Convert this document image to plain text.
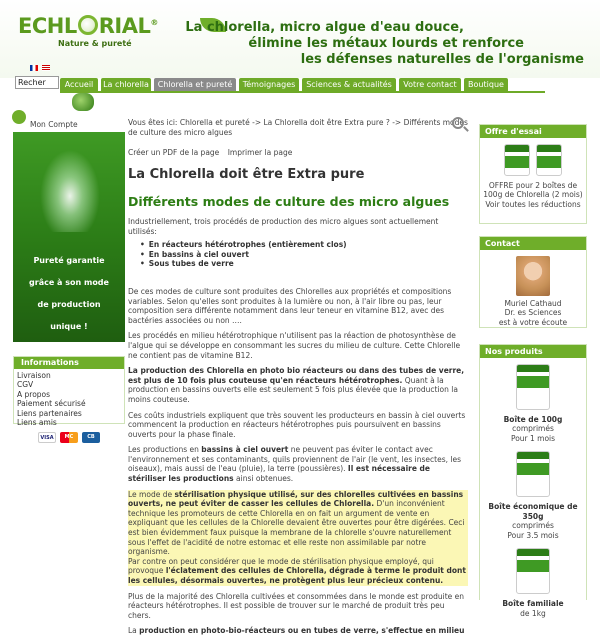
ECHL RIAL®
Nature & pureté
La chlorella, micro algue d'eau douce,
élimine les métaux lourds et renforce
les défenses naturelles de l'organisme

Recher
Accueil	La chlorella	Chlorella et pureté	Témoignages	Sciences & actualités	Votre contact	Boutique
Mon Compte
Pureté garantie
grâce à son mode
de production
unique !
Informations
Livraison
CGV
A propos
Paiement sécurisé
Liens partenaires
Liens amis
VISA	MC	CB
Vous êtes ici: Chlorella et pureté -> La Chlorella doit être Extra pure ? -> Différents modes de culture des micro algues
Créer un PDF de la page Imprimer la page
La Chlorella doit être Extra pure
Différents modes de culture des micro algues
Industriellement, trois procédés de production des micro algues sont actuellement utilisés:
• En réacteurs hétérotrophes (entièrement clos)
• En bassins à ciel ouvert
• Sous tubes de verre
De ces modes de culture sont produites des Chlorelles aux propriétés et compositions variables. Selon qu'elles sont produites à la lumière ou non, à l'air libre ou pas, leur composition sera différente notamment dans leur teneur en vitamine B12, avec des bactéries associées ou non ….
Les procédés en milieu hétérotrophique n'utilisent pas la réaction de photosynthèse de l'algue qui se développe en consommant les sucres du milieu de culture. Cette Chlorelle ne contient pas de vitamine B12.
La production des Chlorella en photo bio réacteurs ou dans des tubes de verre, est plus de 10 fois plus couteuse qu'en réacteurs hétérotrophes. Quant à la production en bassins ouverts elle est seulement 5 fois plus élevée que la production la moins couteuse.
Ces coûts industriels expliquent que très souvent les producteurs en bassin à ciel ouverts commencent la production en réacteurs hétérotrophes puis poursuivent en bassins ouverts pour la phase finale.
Les productions en bassins à ciel ouvert ne peuvent pas éviter le contact avec l'environnement et ses contaminants, quils proviennent de l'air (le vent, les insectes, les oiseaux), mais aussi de l'eau (pluie), la terre (poussières). Il est nécessaire de stériliser les productions ainsi obtenues.
Le mode de stérilisation physique utilisé, sur des chlorelles cultivées en bassins ouverts, ne peut éviter de casser les cellules de Chlorella. D'un inconvénient technique les promoteurs de cette Chlorella en on fait un argument de vente en expliquant que les cellules de la Chlorelle devaient être ouvertes pour être digérées. Ceci est bien évidemment faux puisque la membrane de la chlorelle s'ouvre naturellement sous l'effet de l'acidité de notre estomac et elle reste non assimilable par notre organisme.
Par contre on peut considérer que le mode de stérilisation physique employé, qui provoque l'éclatement des cellules de Chlorella, dégrade à terme le produit dont les cellules, désormais ouvertes, ne protègent plus leur précieux contenu.
Plus de la majorité des Chlorella cultivées et consommées dans le monde est produite en réacteurs hétérotrophes. Il est possible de trouver sur le marché de produit très peu chers.
La production en photo-bio-réacteurs ou en tubes de verre, s'effectue en milieu
Offre d'essai

OFFRE pour 2 boîtes de 100g de Chlorella (2 mois)
Voir toutes les réductions
Contact
Muriel Cathaud
Dr. es Sciences
est à votre écoute
Nos produits
Boîte de 100g
comprimés
Pour 1 mois
Boîte économique de 350g
comprimés
Pour 3.5 mois
Boîte familiale
de 1kg
